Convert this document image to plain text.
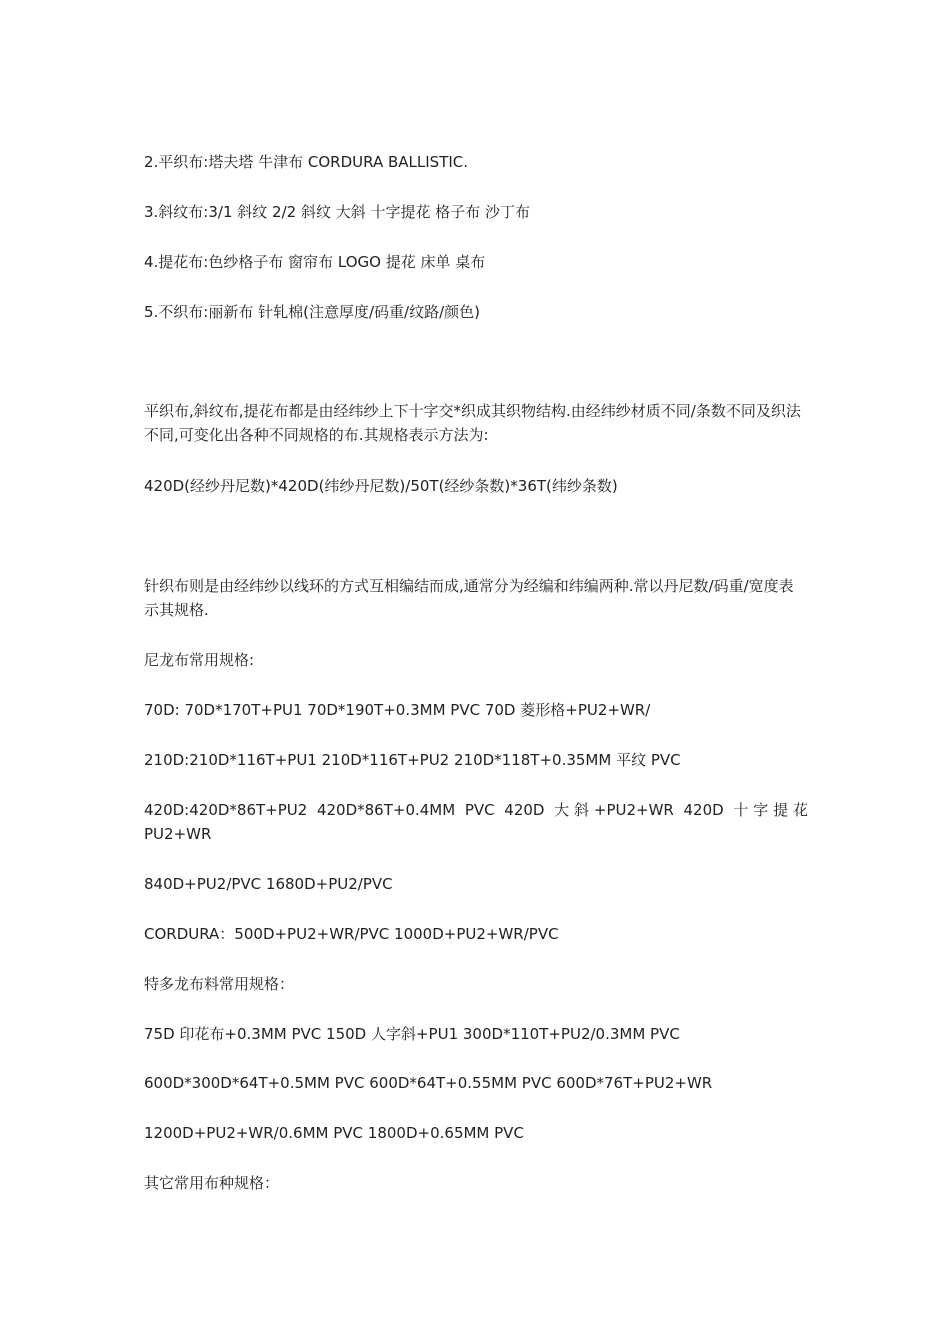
2.平织布:塔夫塔 牛津布 CORDURA BALLISTIC.

3.斜纹布:3/1 斜纹 2/2 斜纹 大斜 十字提花 格子布 沙丁布

4.提花布:色纱格子布 窗帘布 LOGO 提花 床单 桌布

5.不织布:丽新布 针轧棉(注意厚度/码重/纹路/颜色)

平织布,斜纹布,提花布都是由经纬纱上下十字交*织成其织物结构.由经纬纱材质不同/条数不同及织法不同,可变化出各种不同规格的布.其规格表示方法为:

420D(经纱丹尼数)*420D(纬纱丹尼数)/50T(经纱条数)*36T(纬纱条数)

针织布则是由经纬纱以线环的方式互相编结而成,通常分为经编和纬编两种.常以丹尼数/码重/宽度表示其规格.

尼龙布常用规格:

70D: 70D*170T+PU1 70D*190T+0.3MM PVC 70D 菱形格+PU2+WR/

210D:210D*116T+PU1 210D*116T+PU2 210D*118T+0.35MM 平纹 PVC

420D:420D*86T+PU2 420D*86T+0.4MM PVC 420D 大斜+PU2+WR 420D 十字提花 PU2+WR

840D+PU2/PVC 1680D+PU2/PVC

CORDURA：500D+PU2+WR/PVC 1000D+PU2+WR/PVC

特多龙布料常用规格：

75D 印花布+0.3MM PVC 150D 人字斜+PU1 300D*110T+PU2/0.3MM PVC

600D*300D*64T+0.5MM PVC 600D*64T+0.55MM PVC 600D*76T+PU2+WR

1200D+PU2+WR/0.6MM PVC 1800D+0.65MM PVC

其它常用布种规格：
